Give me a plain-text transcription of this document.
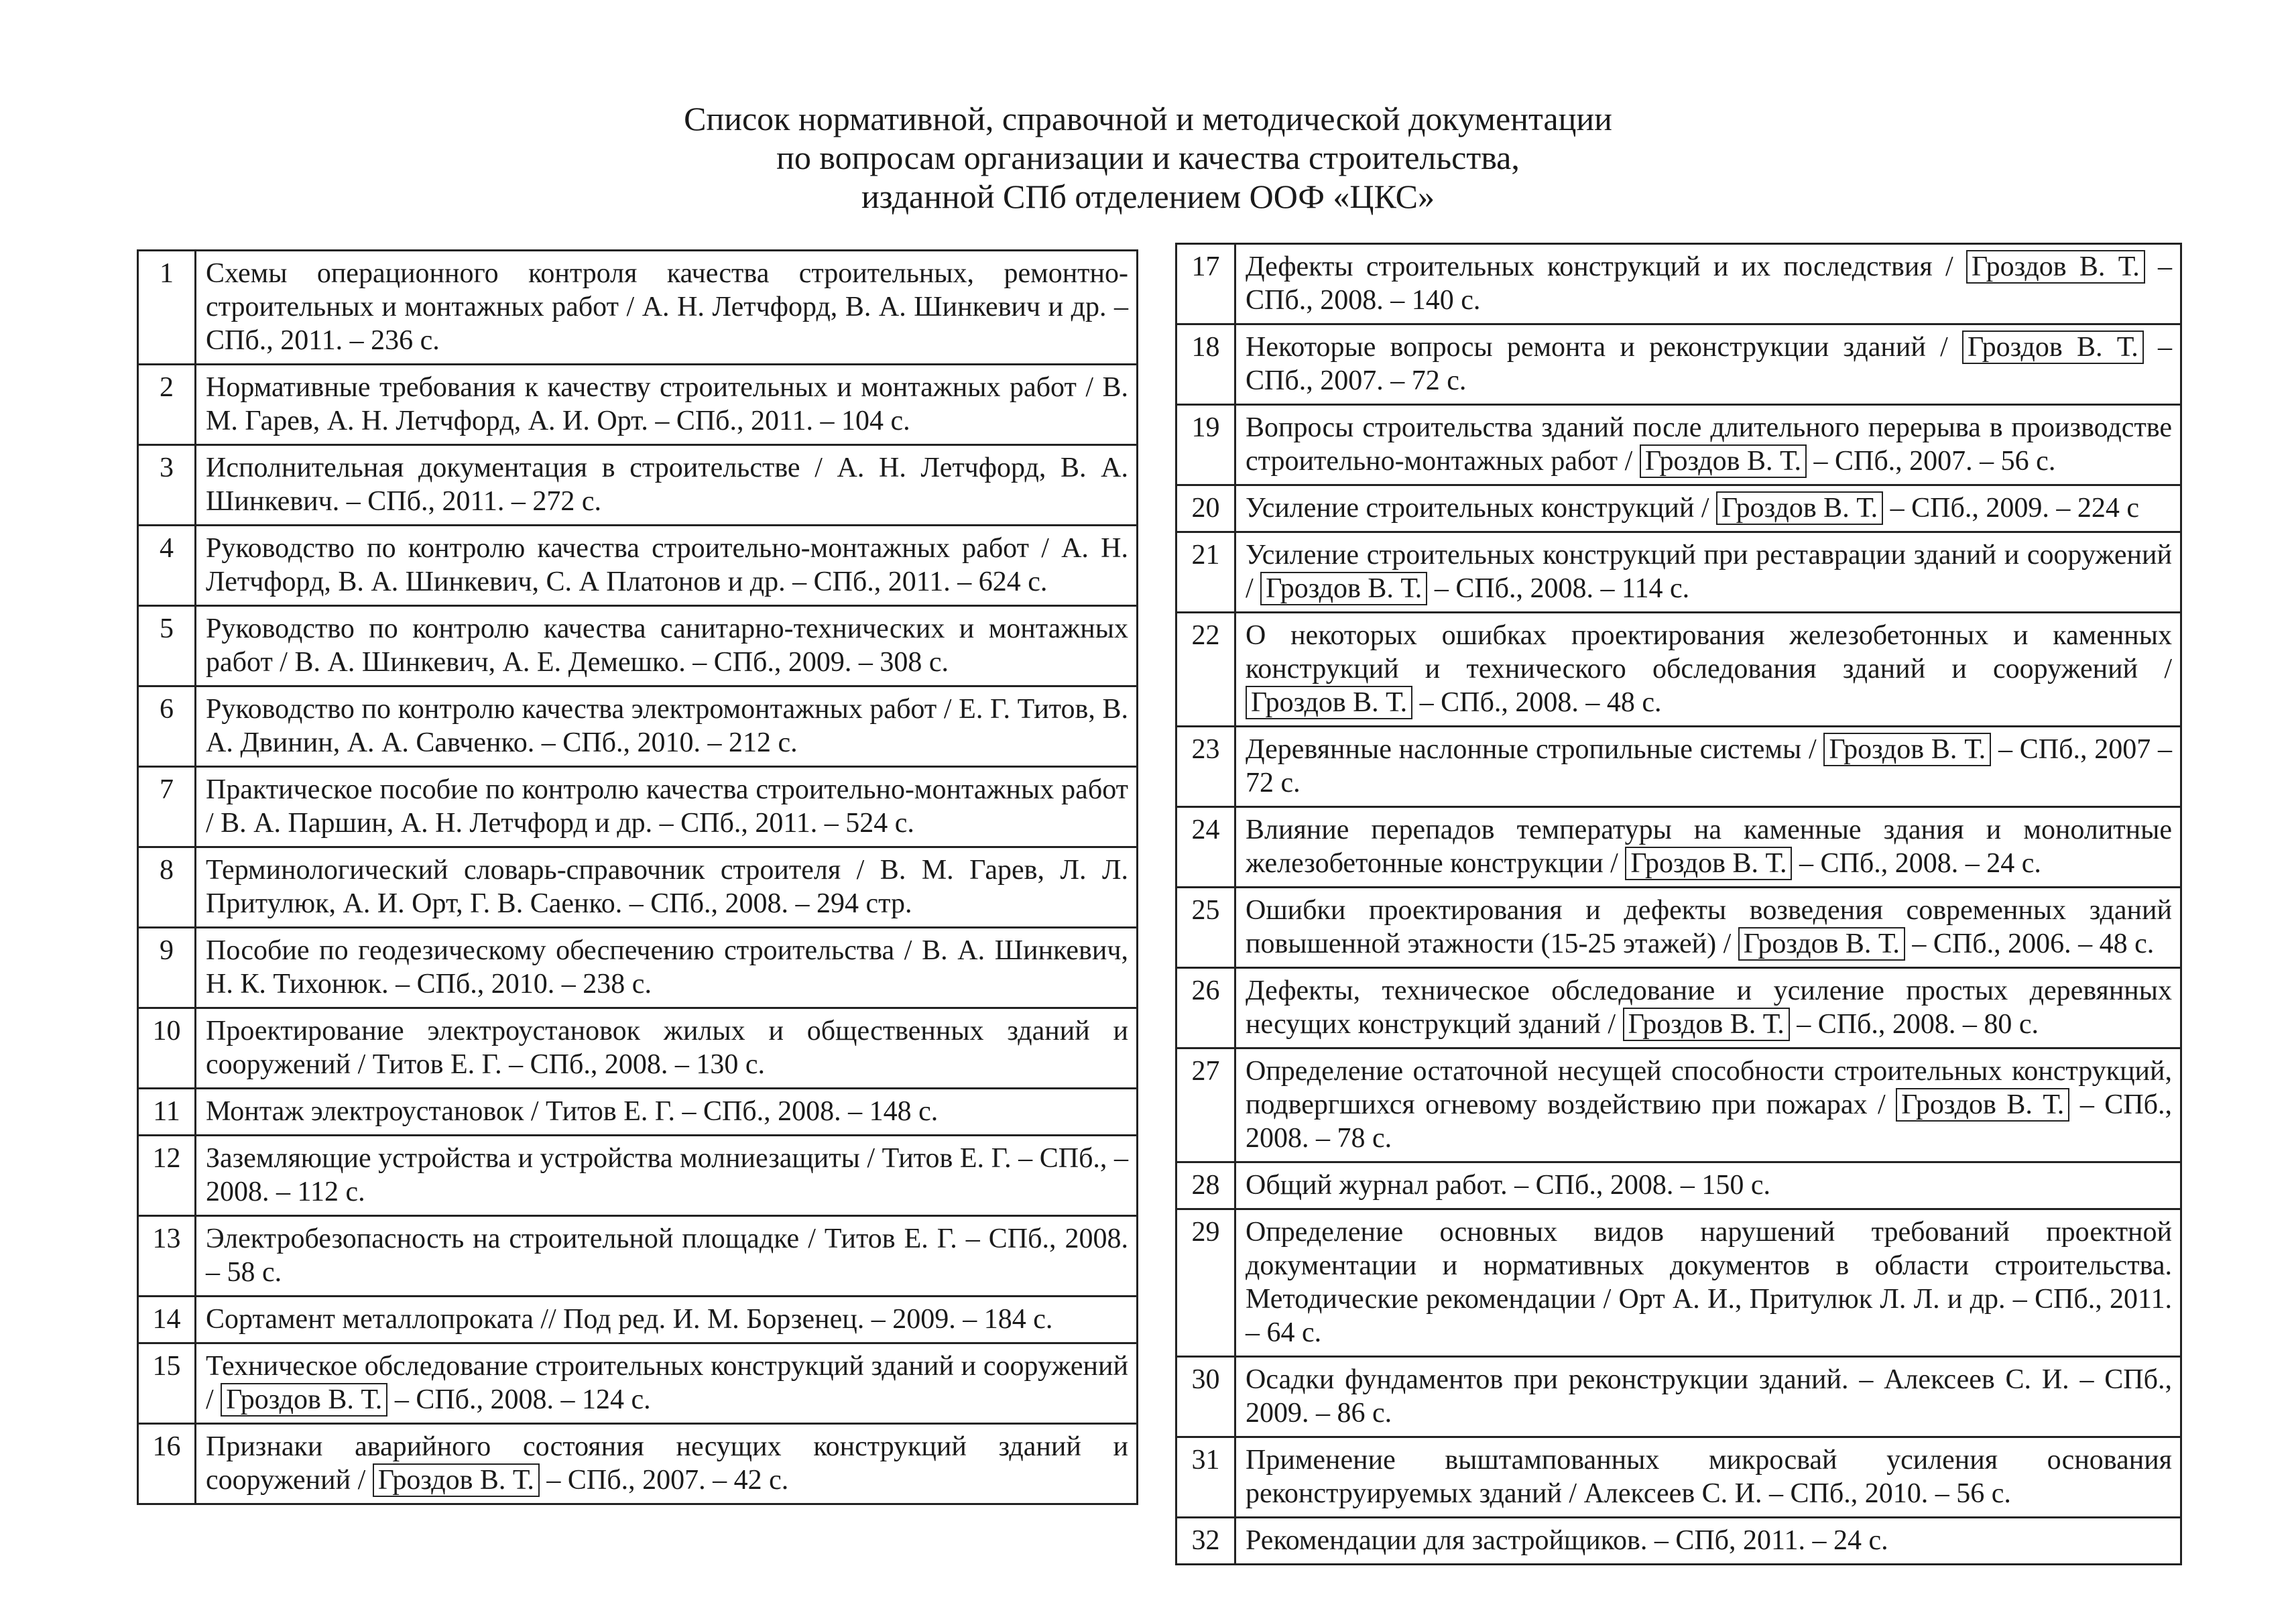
Список нормативной, справочной и методической документации
по вопросам организации и качества строительства,
изданной СПб отделением ООФ «ЦКС»
1	Схемы операционного контроля качества строительных, ремонтно-строительных и монтажных работ / А. Н. Летчфорд, В. А. Шинкевич и др. – СПб., 2011. – 236 с.
2	Нормативные требования к качеству строительных и монтажных работ / В. М. Гарев, А. Н. Летчфорд, А. И. Орт. – СПб., 2011. – 104 с.
3	Исполнительная документация в строительстве / А. Н. Летчфорд, В. А. Шинкевич. – СПб., 2011. – 272 с.
4	Руководство по контролю качества строительно-монтажных работ / А. Н. Летчфорд, В. А. Шинкевич, С. А Платонов и др. – СПб., 2011. – 624 с.
5	Руководство по контролю качества санитарно-технических и монтажных работ / В. А. Шинкевич, А. Е. Демешко. – СПб., 2009. – 308 с.
6	Руководство по контролю качества электромонтажных работ / Е. Г. Титов, В. А. Двинин, А. А. Савченко. – СПб., 2010. – 212 с.
7	Практическое пособие по контролю качества строительно-монтажных работ / В. А. Паршин, А. Н. Летчфорд и др. – СПб., 2011. – 524 с.
8	Терминологический словарь-справочник строителя / В. М. Гарев, Л. Л. Притулюк, А. И. Орт, Г. В. Саенко. – СПб., 2008. – 294 стр.
9	Пособие по геодезическому обеспечению строительства / В. А. Шинкевич, Н. К. Тихонюк. – СПб., 2010. – 238 с.
10	Проектирование электроустановок жилых и общественных зданий и сооружений / Титов Е. Г. – СПб., 2008. – 130 с.
11	Монтаж электроустановок / Титов Е. Г. – СПб., 2008. – 148 с.
12	Заземляющие устройства и устройства молниезащиты / Титов Е. Г. – СПб., – 2008. – 112 с.
13	Электробезопасность на строительной площадке / Титов Е. Г. – СПб., 2008. – 58 с.
14	Сортамент металлопроката // Под ред. И. М. Борзенец. – 2009. – 184 с.
15	Техническое обследование строительных конструкций зданий и сооружений / Гроздов В. Т. – СПб., 2008. – 124 с.
16	Признаки аварийного состояния несущих конструкций зданий и сооружений / Гроздов В. Т. – СПб., 2007. – 42 с.
17	Дефекты строительных конструкций и их последствия / Гроздов В. Т. – СПб., 2008. – 140 с.
18	Некоторые вопросы ремонта и реконструкции зданий / Гроздов В. Т. – СПб., 2007. – 72 с.
19	Вопросы строительства зданий после длительного перерыва в производстве строительно-монтажных работ / Гроздов В. Т. – СПб., 2007. – 56 с.
20	Усиление строительных конструкций / Гроздов В. Т. – СПб., 2009. – 224 с
21	Усиление строительных конструкций при реставрации зданий и сооружений / Гроздов В. Т. – СПб., 2008. – 114 с.
22	О некоторых ошибках проектирования железобетонных и каменных конструкций и технического обследования зданий и сооружений / Гроздов В. Т. – СПб., 2008. – 48 с.
23	Деревянные наслонные стропильные системы / Гроздов В. Т. – СПб., 2007 – 72 с.
24	Влияние перепадов температуры на каменные здания и монолитные железобетонные конструкции / Гроздов В. Т. – СПб., 2008. – 24 с.
25	Ошибки проектирования и дефекты возведения современных зданий повышенной этажности (15-25 этажей) / Гроздов В. Т. – СПб., 2006. – 48 с.
26	Дефекты, техническое обследование и усиление простых деревянных несущих конструкций зданий / Гроздов В. Т. – СПб., 2008. – 80 с.
27	Определение остаточной несущей способности строительных конструкций, подвергшихся огневому воздействию при пожарах / Гроздов В. Т. – СПб., 2008. – 78 с.
28	Общий журнал работ. – СПб., 2008. – 150 с.
29	Определение основных видов нарушений требований проектной документации и нормативных документов в области строительства. Методические рекомендации / Орт А. И., Притулюк Л. Л. и др. – СПб., 2011. – 64 с.
30	Осадки фундаментов при реконструкции зданий. – Алексеев С. И. – СПб., 2009. – 86 с.
31	Применение выштампованных микросвай усиления основания реконструируемых зданий / Алексеев С. И. – СПб., 2010. – 56 с.
32	Рекомендации для застройщиков. – СПб, 2011. – 24 с.
